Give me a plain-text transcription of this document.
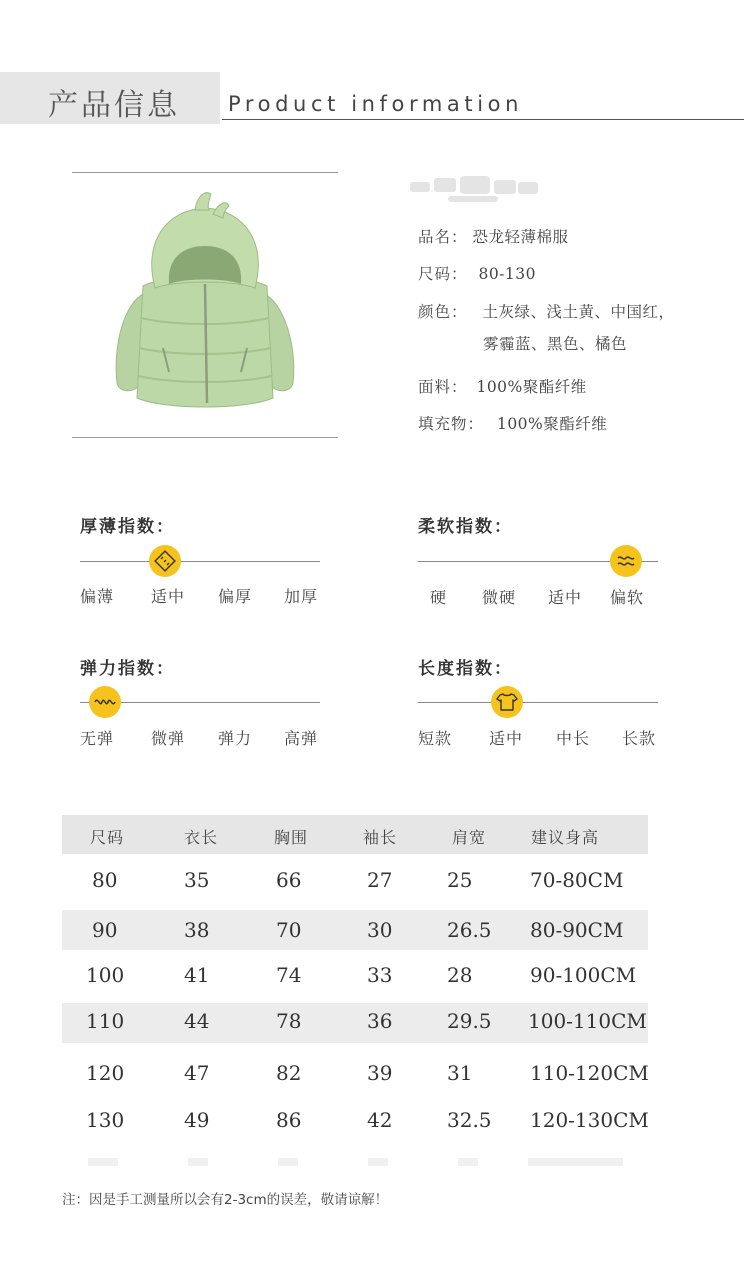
产品信息 Product information
品名： 恐龙轻薄棉服
尺码： 80-130
颜色： 土灰绿、浅土黄、中国红，
雾霾蓝、黑色、橘色
面料： 100%聚酯纤维
填充物： 100%聚酯纤维
厚薄指数：
偏薄 适中 偏厚 加厚
柔软指数：
硬 微硬 适中 偏软
弹力指数：
无弹 微弹 弹力 高弹
长度指数：
短款 适中 中长 长款
尺码	衣长	胸围	袖长	肩宽	建议身高
80	35	66	27	25	70-80CM
90	38	70	30	26.5 80-90CM
100	41	74	33	28	90-100CM
110	44	78	36	29.5 100-110CM
120	47	82	39	31	110-120CM
130	49	86	42	32.5 120-130CM
注：因是手工测量所以会有2-3cm的误差，敬请谅解！
